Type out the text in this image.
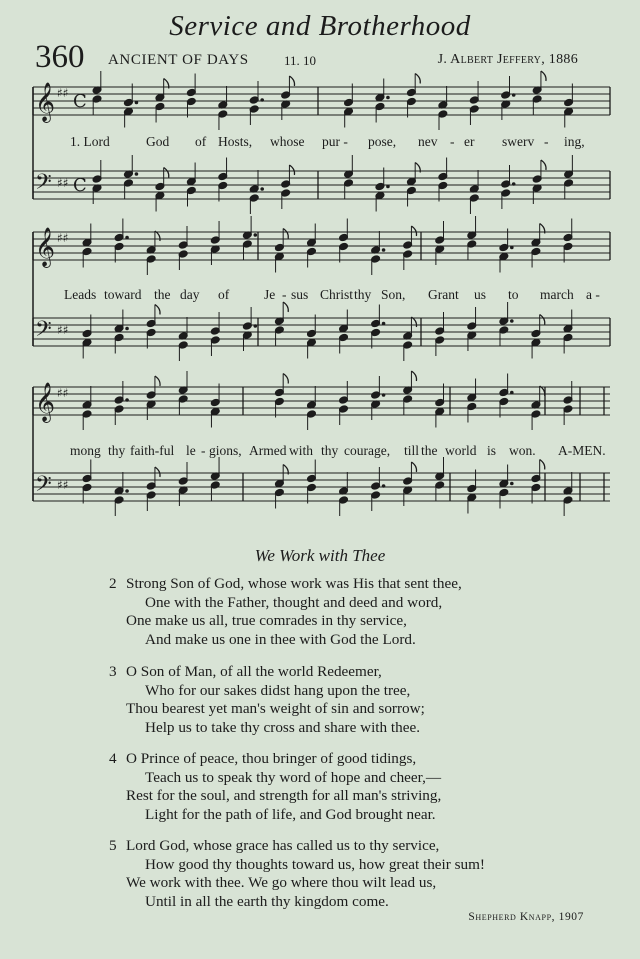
Service and Brotherhood
360 ANCIENT OF DAYS	11. 10	J. Albert Jeffery, 1886
𝄞 ♯♯ C
𝄢 ♯♯ C
𝄞 ♯♯
𝄢 ♯♯
𝄞 ♯♯
𝄢 ♯♯
1. Lord	God of Hosts, whose pur - pose, nev - er swerv - ing,
Leads toward the day of	Je - sus Christ thy Son, Grant us to march a -
mong thy faith-ful le - gions, Armed with thy courage, till the world is won. A-MEN.
We Work with Thee
2 Strong Son of God, whose work was His that sent thee,
One with the Father, thought and deed and word,
One make us all, true comrades in thy service,
And make us one in thee with God the Lord.
3 O Son of Man, of all the world Redeemer,
Who for our sakes didst hang upon the tree,
Thou bearest yet man's weight of sin and sorrow;
Help us to take thy cross and share with thee.
4 O Prince of peace, thou bringer of good tidings,
Teach us to speak thy word of hope and cheer,—
Rest for the soul, and strength for all man's striving,
Light for the path of life, and God brought near.
5 Lord God, whose grace has called us to thy service,
How good thy thoughts toward us, how great their sum!
We work with thee. We go where thou wilt lead us,
Until in all the earth thy kingdom come.
Shepherd Knapp, 1907
